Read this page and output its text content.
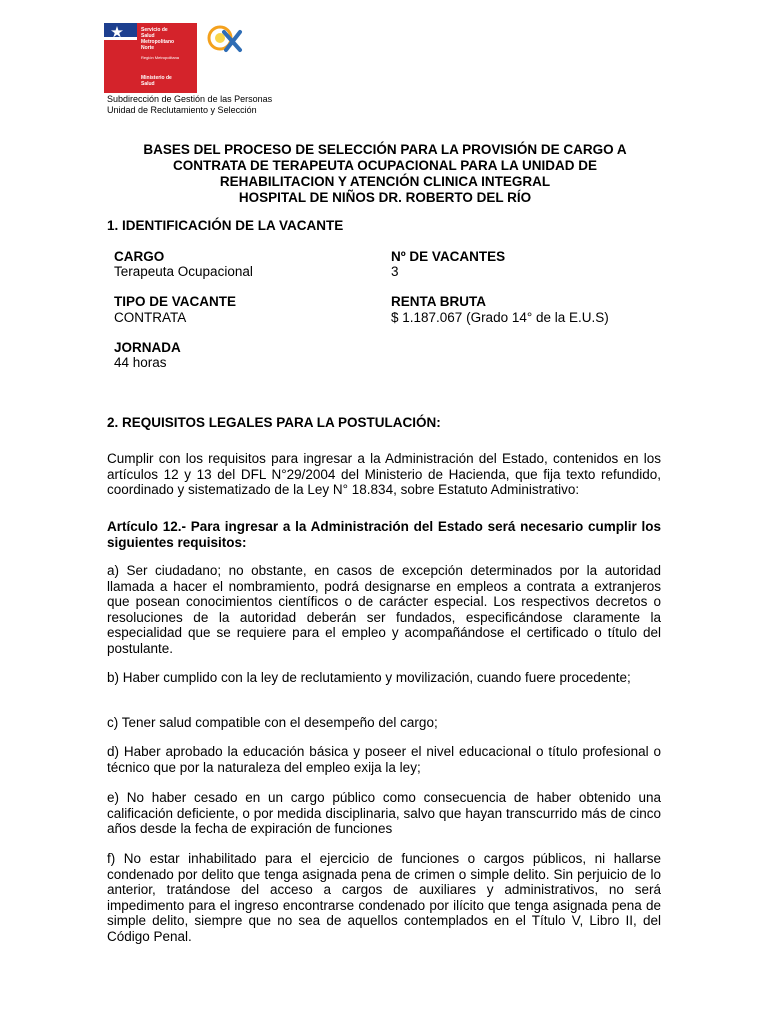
Servicio de
Salud
Metropolitano
Norte
Región Metropolitana
Ministerio de
Salud
Subdirección de Gestión de las Personas
Unidad de Reclutamiento y Selección
BASES DEL PROCESO DE SELECCIÓN PARA LA PROVISIÓN DE CARGO A
CONTRATA DE TERAPEUTA OCUPACIONAL PARA LA UNIDAD DE
REHABILITACION Y ATENCIÓN CLINICA INTEGRAL
HOSPITAL DE NIÑOS DR. ROBERTO DEL RÍO
1. IDENTIFICACIÓN DE LA VACANTE
CARGO
Terapeuta Ocupacional
Nº DE VACANTES
3
TIPO DE VACANTE
CONTRATA
RENTA BRUTA
$ 1.187.067 (Grado 14° de la E.U.S)
JORNADA
44 horas
2. REQUISITOS LEGALES PARA LA POSTULACIÓN:
Cumplir con los requisitos para ingresar a la Administración del Estado, contenidos en los artículos 12 y 13 del DFL N°29/2004 del Ministerio de Hacienda, que fija texto refundido, coordinado y sistematizado de la Ley N° 18.834, sobre Estatuto Administrativo:
Artículo 12.- Para ingresar a la Administración del Estado será necesario cumplir los siguientes requisitos:
a) Ser ciudadano; no obstante, en casos de excepción determinados por la autoridad llamada a hacer el nombramiento, podrá designarse en empleos a contrata a extranjeros que posean conocimientos científicos o de carácter especial. Los respectivos decretos o resoluciones de la autoridad deberán ser fundados, especificándose claramente la especialidad que se requiere para el empleo y acompañándose el certificado o título del postulante.
b) Haber cumplido con la ley de reclutamiento y movilización, cuando fuere procedente;
c) Tener salud compatible con el desempeño del cargo;
d) Haber aprobado la educación básica y poseer el nivel educacional o título profesional o técnico que por la naturaleza del empleo exija la ley;
e) No haber cesado en un cargo público como consecuencia de haber obtenido una calificación deficiente, o por medida disciplinaria, salvo que hayan transcurrido más de cinco años desde la fecha de expiración de funciones
f) No estar inhabilitado para el ejercicio de funciones o cargos públicos, ni hallarse condenado por delito que tenga asignada pena de crimen o simple delito. Sin perjuicio de lo anterior, tratándose del acceso a cargos de auxiliares y administrativos, no será impedimento para el ingreso encontrarse condenado por ilícito que tenga asignada pena de simple delito, siempre que no sea de aquellos contemplados en el Título V, Libro II, del Código Penal.
